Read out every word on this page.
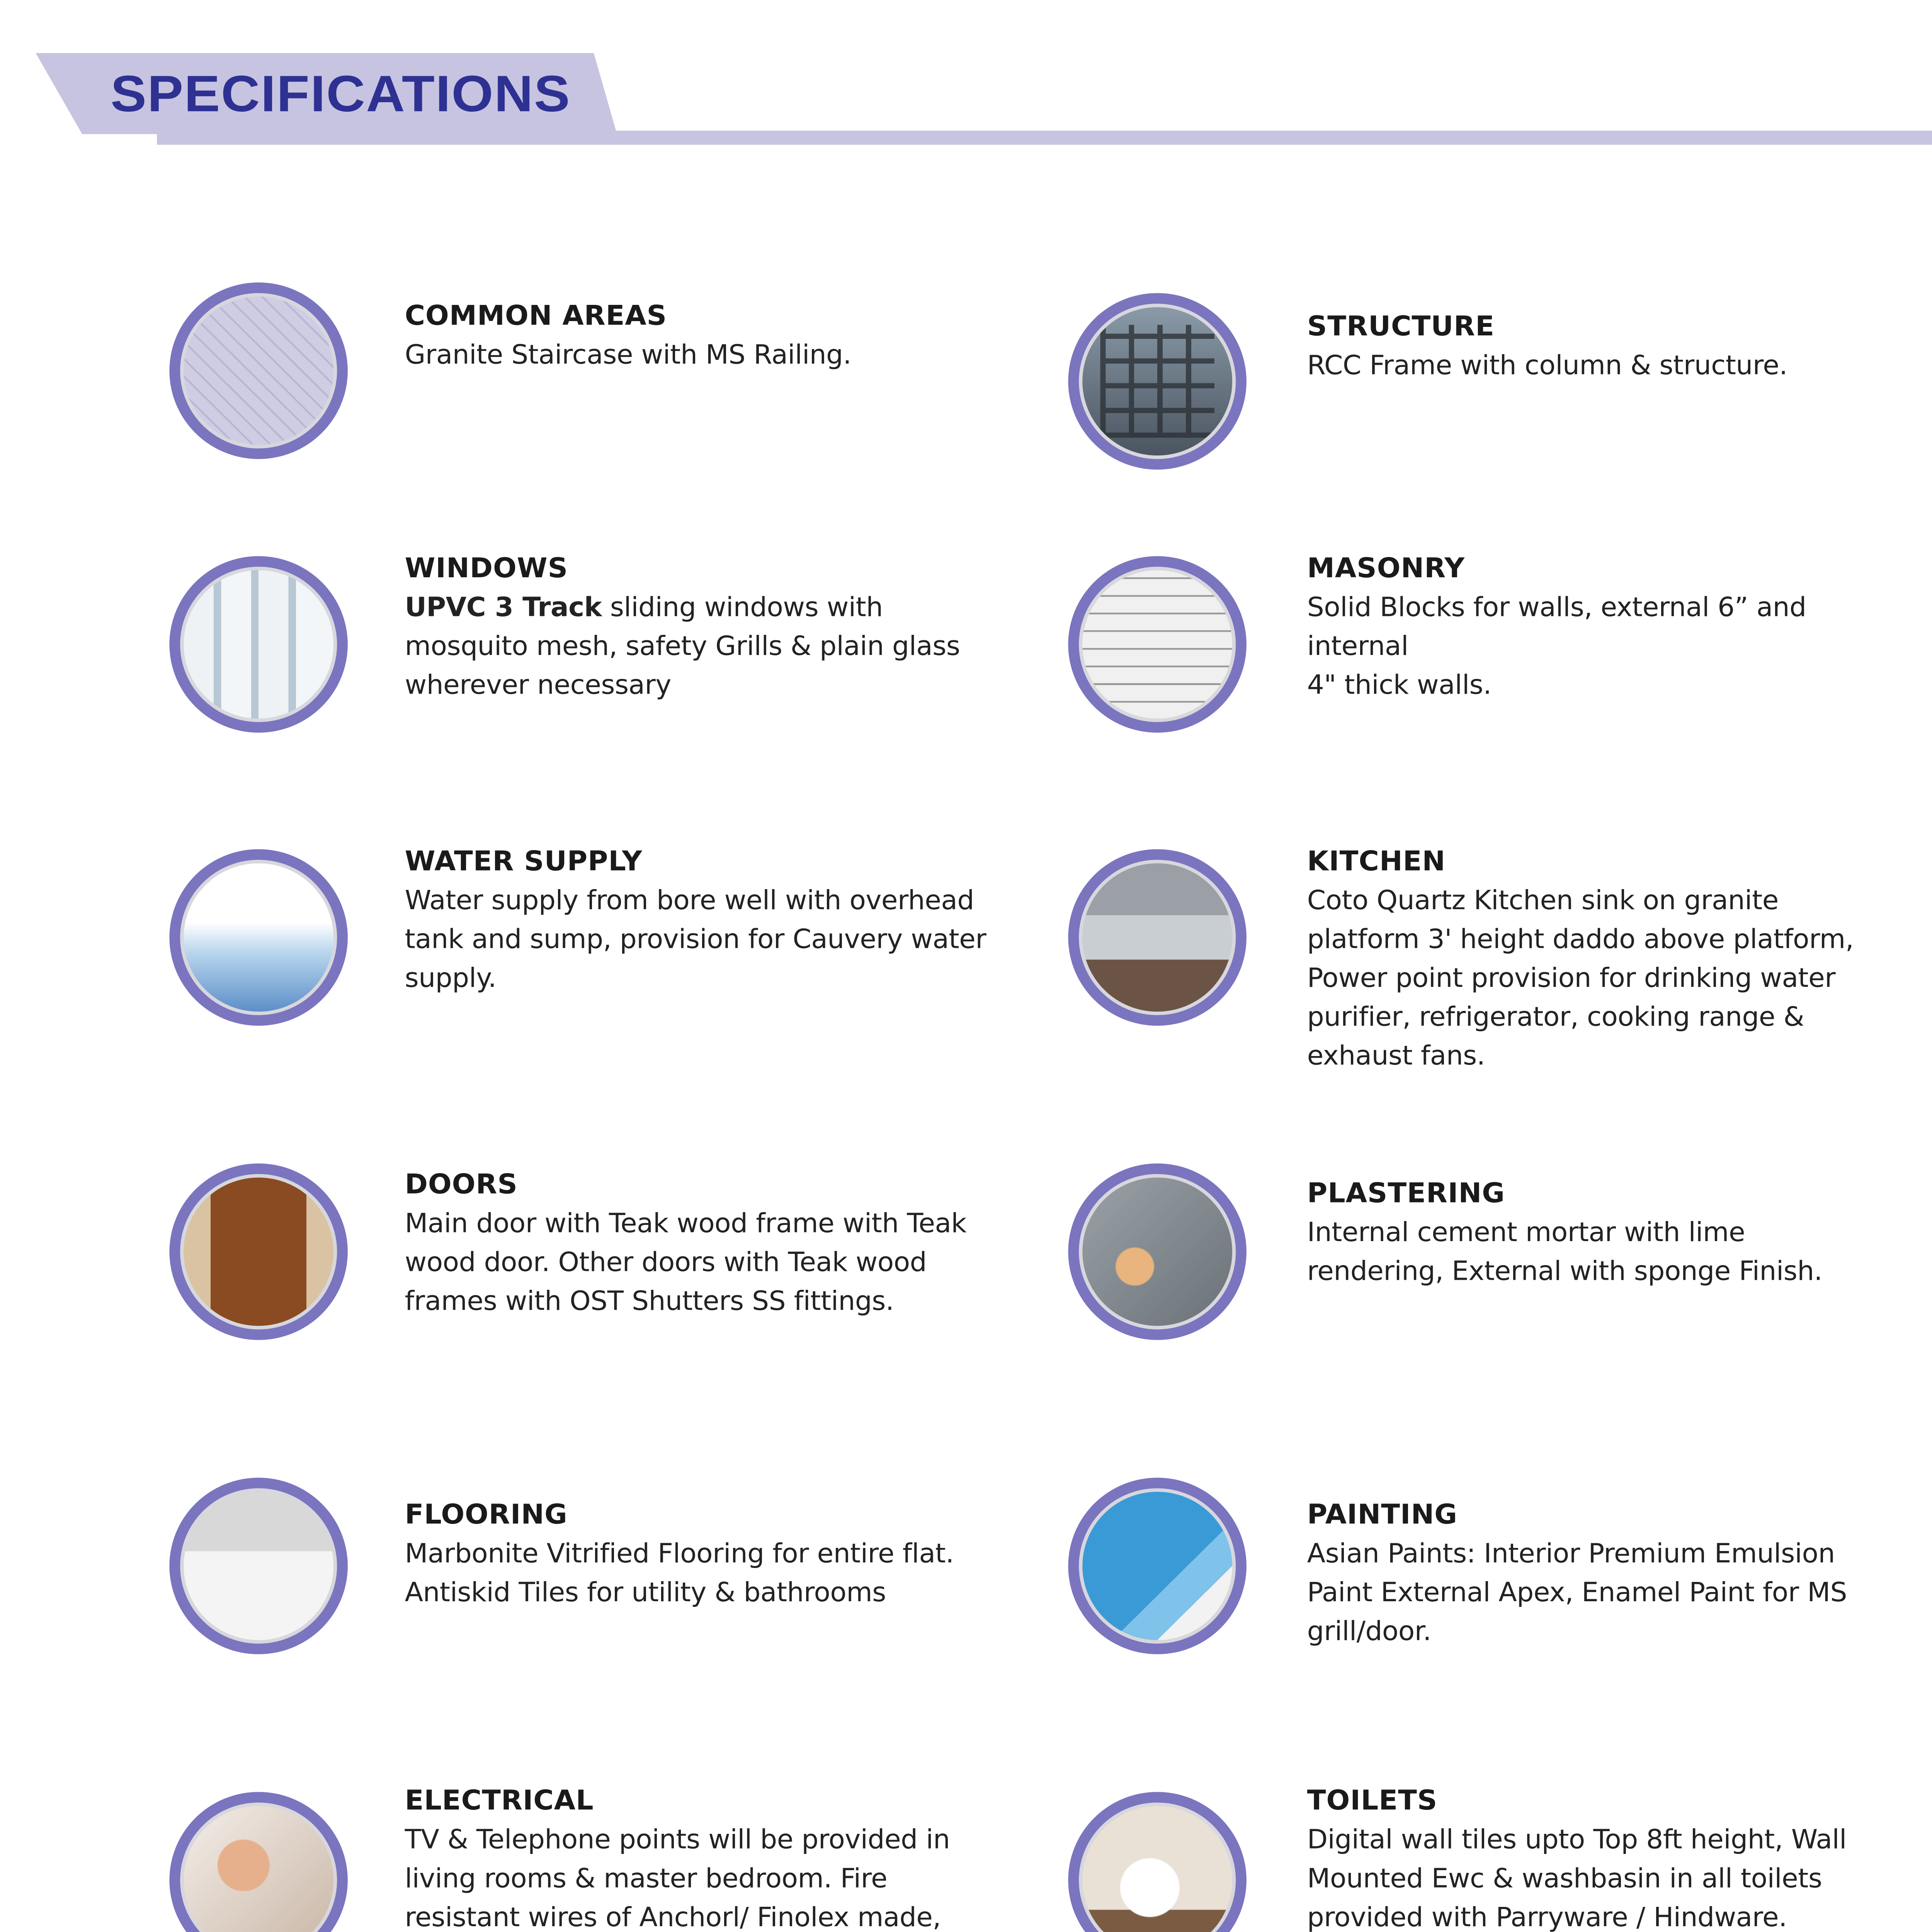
SPECIFICATIONS
COMMON AREAS
Granite Staircase with MS Railing.
WINDOWS
UPVC 3 Track sliding windows with
mosquito mesh, safety Grills & plain glass
wherever necessary
WATER SUPPLY
Water supply from bore well with overhead
tank and sump, provision for Cauvery water
supply.
DOORS
Main door with Teak wood frame with Teak
wood door. Other doors with Teak wood
frames with OST Shutters SS fittings.
FLOORING
Marbonite Vitrified Flooring for entire flat.
Antiskid Tiles for utility & bathrooms
ELECTRICAL
TV & Telephone points will be provided in
living rooms & master bedroom. Fire
resistant wires of Anchorl/ Finolex made,

STRUCTURE
RCC Frame with column & structure.
MASONRY
Solid Blocks for walls, external 6” and internal
4" thick walls.
KITCHEN
Coto Quartz Kitchen sink on granite
platform 3' height daddo above platform,
Power point provision for drinking water
purifier, refrigerator, cooking range &
exhaust fans.
PLASTERING
Internal cement mortar with lime
rendering, External with sponge Finish.
PAINTING
Asian Paints: Interior Premium Emulsion
Paint External Apex, Enamel Paint for MS
grill/door.
TOILETS
Digital wall tiles upto Top 8ft height, Wall
Mounted Ewc & washbasin in all toilets
provided with Parryware / Hindware.
